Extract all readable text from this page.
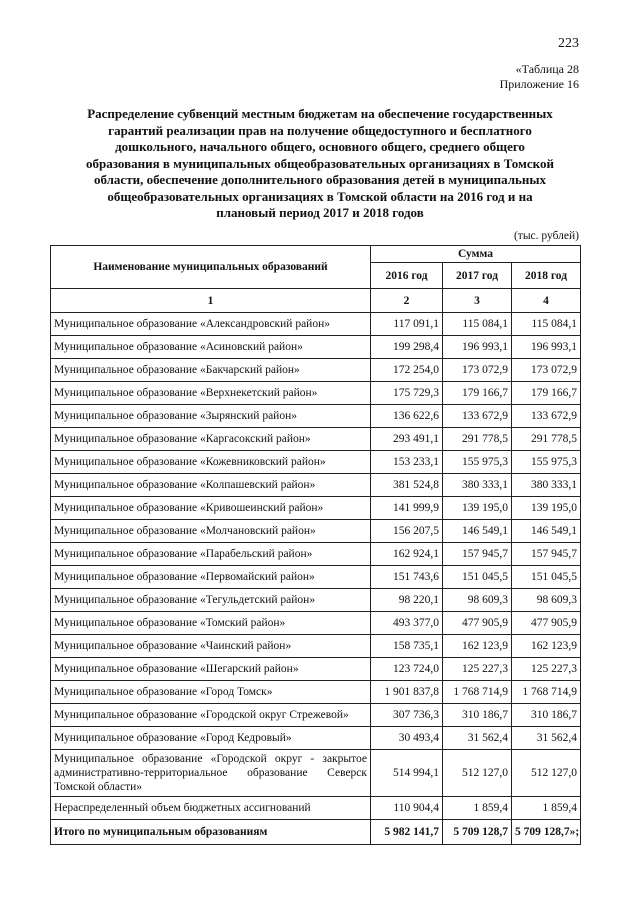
223
«Таблица 28
Приложение 16
Распределение субвенций местным бюджетам на обеспечение государственных гарантий реализации прав на получение общедоступного и бесплатного дошкольного, начального общего, основного общего, среднего общего образования в муниципальных общеобразовательных организациях в Томской области, обеспечение дополнительного образования детей в муниципальных общеобразовательных организациях в Томской области на 2016 год и на плановый период 2017 и 2018 годов
(тыс. рублей)
Наименование муниципальных образований	Сумма		
	2016 год	2017 год	2018 год
1	2	3	4
Муниципальное образование «Александровский район»	117 091,1	115 084,1	115 084,1
Муниципальное образование «Асиновский район»	199 298,4	196 993,1	196 993,1
Муниципальное образование «Бакчарский район»	172 254,0	173 072,9	173 072,9
Муниципальное образование «Верхнекетский район»	175 729,3	179 166,7	179 166,7
Муниципальное образование «Зырянский район»	136 622,6	133 672,9	133 672,9
Муниципальное образование «Каргасокский район»	293 491,1	291 778,5	291 778,5
Муниципальное образование «Кожевниковский район»	153 233,1	155 975,3	155 975,3
Муниципальное образование «Колпашевский район»	381 524,8	380 333,1	380 333,1
Муниципальное образование «Кривошеинский район»	141 999,9	139 195,0	139 195,0
Муниципальное образование «Молчановский район»	156 207,5	146 549,1	146 549,1
Муниципальное образование «Парабельский район»	162 924,1	157 945,7	157 945,7
Муниципальное образование «Первомайский район»	151 743,6	151 045,5	151 045,5
Муниципальное образование «Тегульдетский район»	98 220,1	98 609,3	98 609,3
Муниципальное образование «Томский район»	493 377,0	477 905,9	477 905,9
Муниципальное образование «Чаинский район»	158 735,1	162 123,9	162 123,9
Муниципальное образование «Шегарский район»	123 724,0	125 227,3	125 227,3
Муниципальное образование «Город Томск»	1 901 837,8	1 768 714,9	1 768 714,9
Муниципальное образование «Городской округ Стрежевой»	307 736,3	310 186,7	310 186,7
Муниципальное образование «Город Кедровый»	30 493,4	31 562,4	31 562,4
Муниципальное образование «Городской округ - закрытое административно-территориальное образование Северск Томской области»	514 994,1	512 127,0	512 127,0
Нераспределенный объем бюджетных ассигнований	110 904,4	1 859,4	1 859,4
Итого по муниципальным образованиям	5 982 141,7	5 709 128,7	5 709 128,7»;
